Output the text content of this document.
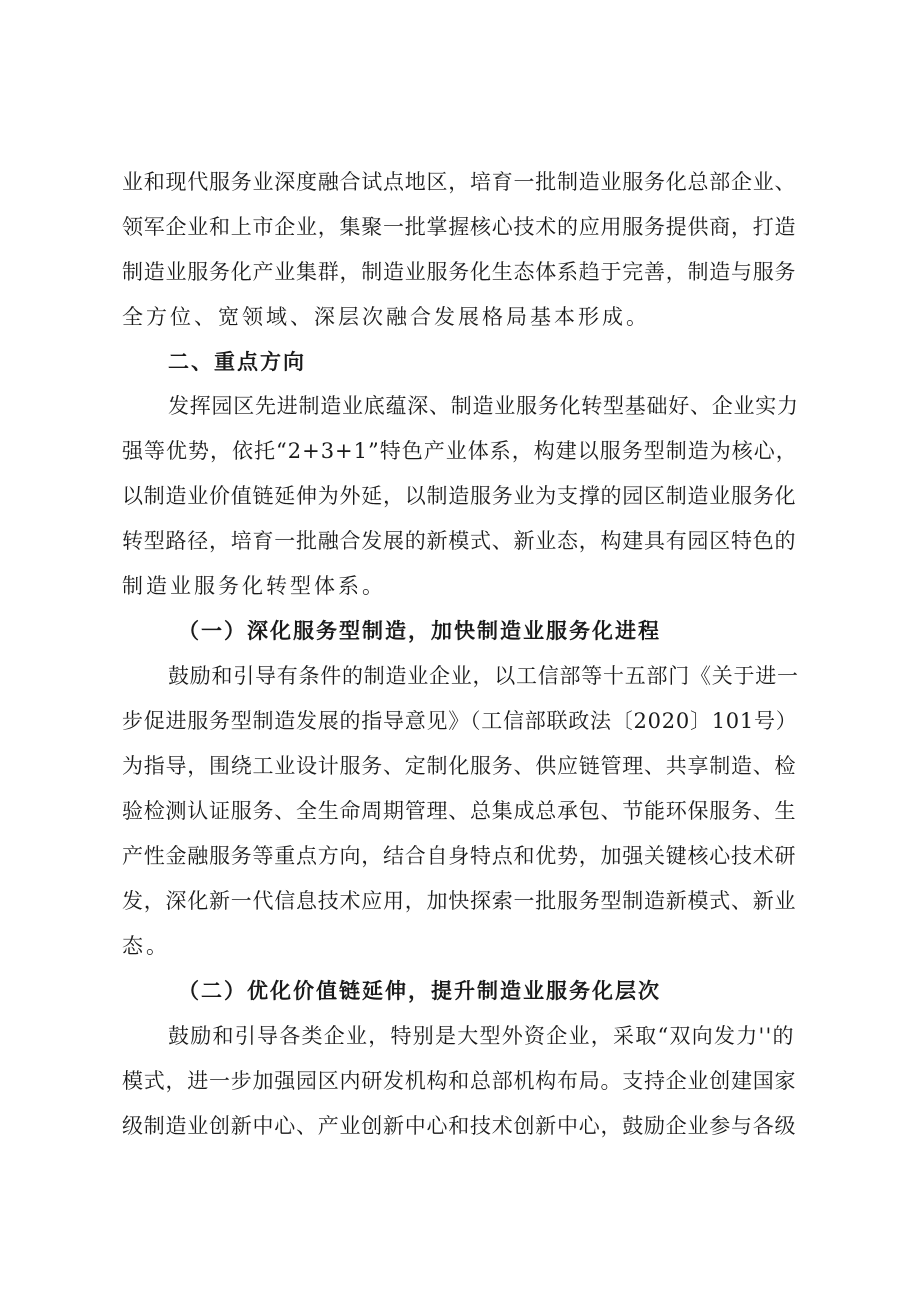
业和现代服务业深度融合试点地区，培育一批制造业服务化总部企业、
领军企业和上市企业，集聚一批掌握核心技术的应用服务提供商，打造
制造业服务化产业集群，制造业服务化生态体系趋于完善，制造与服务
全方位、宽领域、深层次融合发展格局基本形成。
二、重点方向
发挥园区先进制造业底蕴深、制造业服务化转型基础好、企业实力
强等优势，依托“2+3+1”特色产业体系，构建以服务型制造为核心，
以制造业价值链延伸为外延，以制造服务业为支撑的园区制造业服务化
转型路径，培育一批融合发展的新模式、新业态，构建具有园区特色的
制造业服务化转型体系。
（一）深化服务型制造，加快制造业服务化进程
鼓励和引导有条件的制造业企业，以工信部等十五部门《关于进一
步促进服务型制造发展的指导意见》（工信部联政法〔2020〕101号）
为指导，围绕工业设计服务、定制化服务、供应链管理、共享制造、检
验检测认证服务、全生命周期管理、总集成总承包、节能环保服务、生
产性金融服务等重点方向，结合自身特点和优势，加强关键核心技术研
发，深化新一代信息技术应用，加快探索一批服务型制造新模式、新业
态。
（二）优化价值链延伸，提升制造业服务化层次
鼓励和引导各类企业，特别是大型外资企业，采取“双向发力''的
模式，进一步加强园区内研发机构和总部机构布局。支持企业创建国家
级制造业创新中心、产业创新中心和技术创新中心，鼓励企业参与各级
